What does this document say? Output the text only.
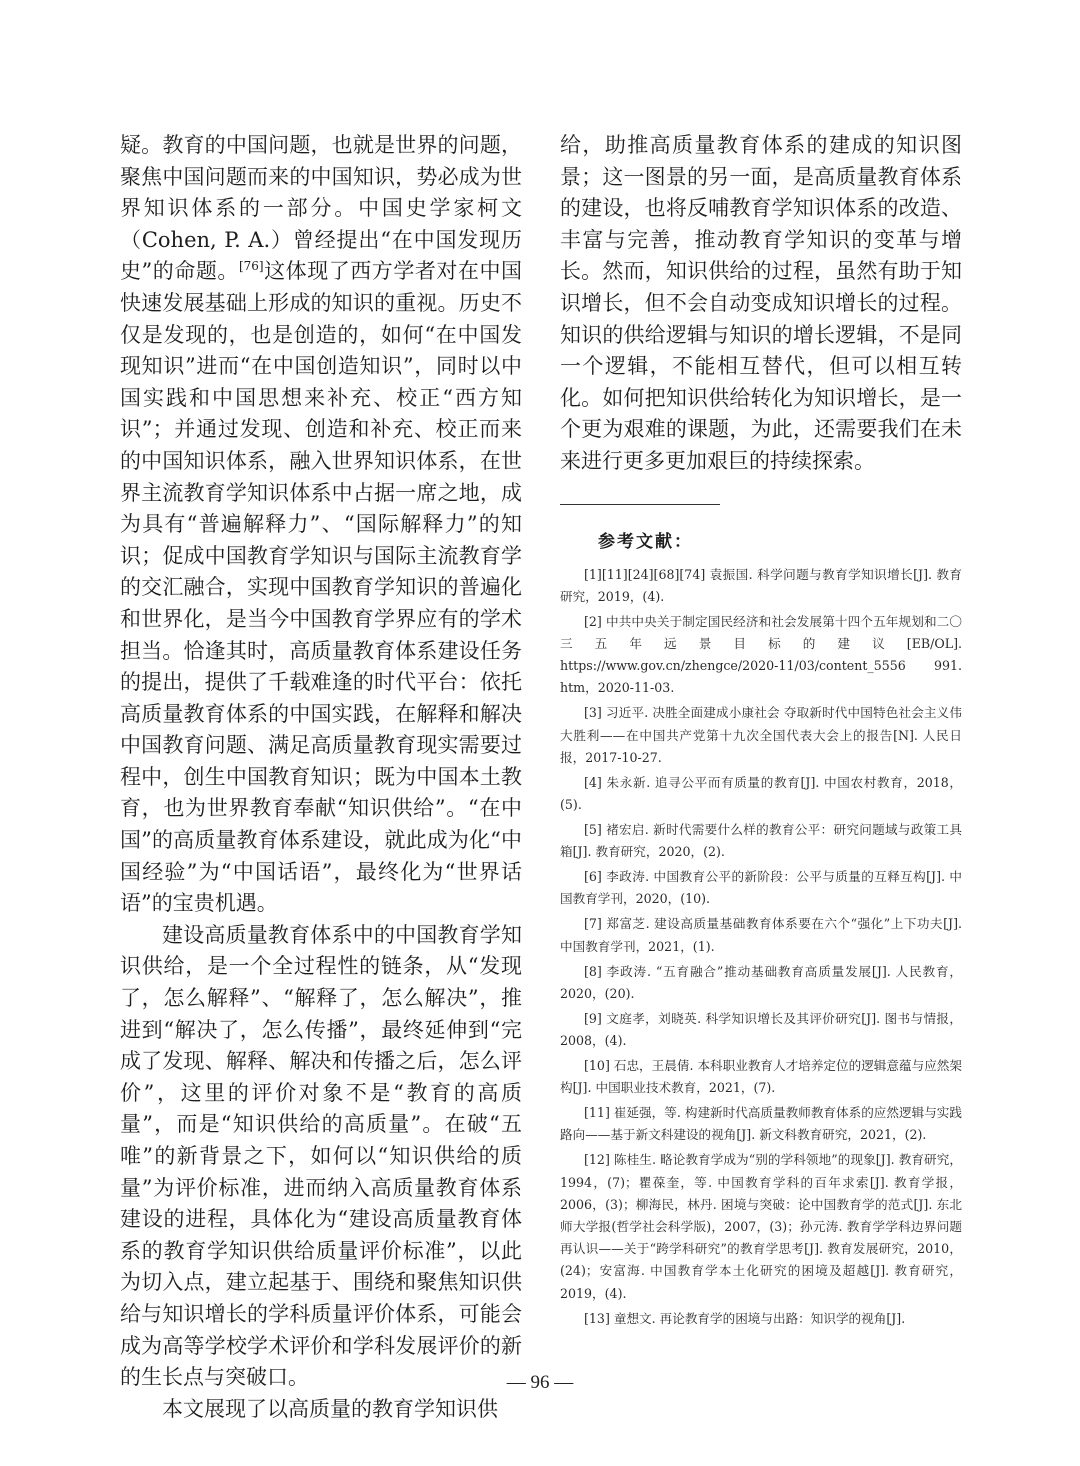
疑。教育的中国问题，也就是世界的问题，聚焦中国问题而来的中国知识，势必成为世界知识体系的一部分。中国史学家柯文（Cohen, P. A.）曾经提出“在中国发现历史”的命题。[76]这体现了西方学者对在中国快速发展基础上形成的知识的重视。历史不仅是发现的，也是创造的，如何“在中国发现知识”进而“在中国创造知识”，同时以中国实践和中国思想来补充、校正“西方知识”；并通过发现、创造和补充、校正而来的中国知识体系，融入世界知识体系，在世界主流教育学知识体系中占据一席之地，成为具有“普遍解释力”、“国际解释力”的知识；促成中国教育学知识与国际主流教育学的交汇融合，实现中国教育学知识的普遍化和世界化，是当今中国教育学界应有的学术担当。恰逢其时，高质量教育体系建设任务的提出，提供了千载难逢的时代平台：依托高质量教育体系的中国实践，在解释和解决中国教育问题、满足高质量教育现实需要过程中，创生中国教育知识；既为中国本土教育，也为世界教育奉献“知识供给”。“在中国”的高质量教育体系建设，就此成为化“中国经验”为“中国话语”，最终化为“世界话语”的宝贵机遇。

建设高质量教育体系中的中国教育学知识供给，是一个全过程性的链条，从“发现了，怎么解释”、“解释了，怎么解决”，推进到“解决了，怎么传播”，最终延伸到“完成了发现、解释、解决和传播之后，怎么评价”，这里的评价对象不是“教育的高质量”，而是“知识供给的高质量”。在破“五唯”的新背景之下，如何以“知识供给的质量”为评价标准，进而纳入高质量教育体系建设的进程，具体化为“建设高质量教育体系的教育学知识供给质量评价标准”，以此为切入点，建立起基于、围绕和聚焦知识供给与知识增长的学科质量评价体系，可能会成为高等学校学术评价和学科发展评价的新的生长点与突破口。

本文展现了以高质量的教育学知识供

给，助推高质量教育体系的建成的知识图景；这一图景的另一面，是高质量教育体系的建设，也将反哺教育学知识体系的改造、丰富与完善，推动教育学知识的变革与增长。然而，知识供给的过程，虽然有助于知识增长，但不会自动变成知识增长的过程。知识的供给逻辑与知识的增长逻辑，不是同一个逻辑，不能相互替代，但可以相互转化。如何把知识供给转化为知识增长，是一个更为艰难的课题，为此，还需要我们在未来进行更多更加艰巨的持续探索。

参考文献：
[1][11][24][68][74] 袁振国. 科学问题与教育学知识增长[J]. 教育研究，2019，(4).
[2] 中共中央关于制定国民经济和社会发展第十四个五年规划和二〇三五年远景目标的建议[EB/OL]. https://www.gov.cn/zhengce/2020-11/03/content_5556 991. htm，2020-11-03.
[3] 习近平. 决胜全面建成小康社会 夺取新时代中国特色社会主义伟大胜利——在中国共产党第十九次全国代表大会上的报告[N]. 人民日报，2017-10-27.
[4] 朱永新. 追寻公平而有质量的教育[J]. 中国农村教育，2018，(5).
[5] 褚宏启. 新时代需要什么样的教育公平：研究问题域与政策工具箱[J]. 教育研究，2020，(2).
[6] 李政涛. 中国教育公平的新阶段：公平与质量的互释互构[J]. 中国教育学刊，2020，(10).
[7] 郑富芝. 建设高质量基础教育体系要在六个“强化”上下功夫[J]. 中国教育学刊，2021，(1).
[8] 李政涛. “五育融合”推动基础教育高质量发展[J]. 人民教育，2020，(20).
[9] 文庭孝，刘晓英. 科学知识增长及其评价研究[J]. 图书与情报，2008，(4).
[10] 石忠，王晨倩. 本科职业教育人才培养定位的逻辑意蕴与应然架构[J]. 中国职业技术教育，2021，(7).
[11] 崔延强，等. 构建新时代高质量教师教育体系的应然逻辑与实践路向——基于新文科建设的视角[J]. 新文科教育研究，2021，(2).
[12] 陈桂生. 略论教育学成为“别的学科领地”的现象[J]. 教育研究，1994，(7)；瞿葆奎，等. 中国教育学科的百年求索[J]. 教育学报，2006，(3)；柳海民，林丹. 困境与突破：论中国教育学的范式[J]. 东北师大学报(哲学社会科学版)，2007，(3)；孙元涛. 教育学学科边界问题再认识——关于“跨学科研究”的教育学思考[J]. 教育发展研究，2010，(24)；安富海. 中国教育学本土化研究的困境及超越[J]. 教育研究，2019，(4).
[13] 童想文. 再论教育学的困境与出路：知识学的视角[J].
— 96 —
